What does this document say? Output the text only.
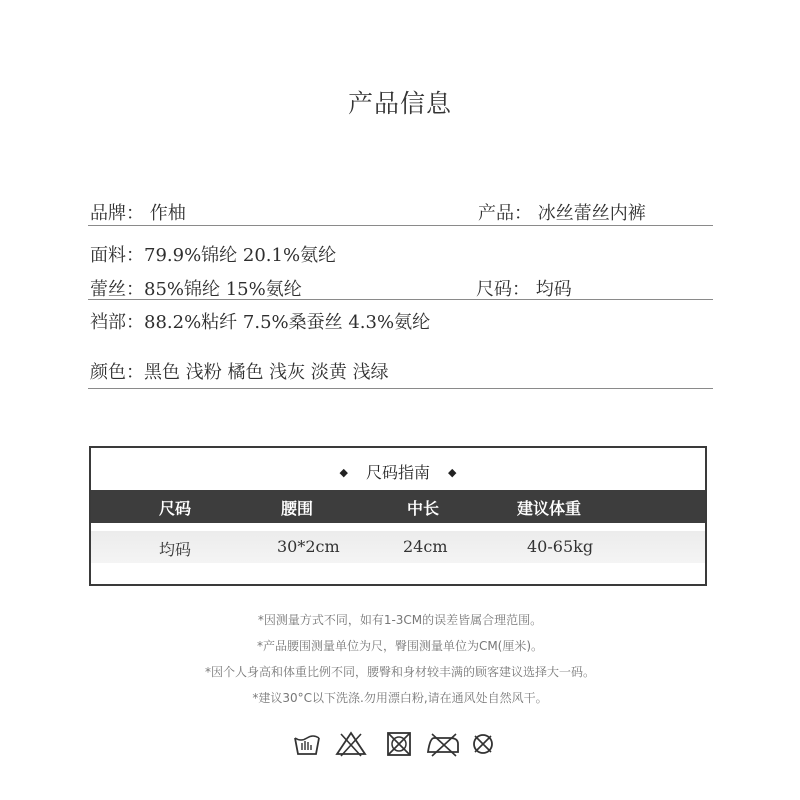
产品信息
品牌： 作柚	产品： 冰丝蕾丝内裤
面料：79.9%锦纶 20.1%氨纶
蕾丝：85%锦纶 15%氨纶	尺码： 均码
裆部：88.2%粘纤 7.5%桑蚕丝 4.3%氨纶
颜色：黑色 浅粉 橘色 浅灰 淡黄 浅绿
◆ 尺码指南 ◆
尺码	腰围	中长	建议体重
均码	30*2cm	24cm	40-65kg
*因测量方式不同，如有1-3CM的误差皆属合理范围。
*产品腰围测量单位为尺，臀围测量单位为CM(厘米)。
*因个人身高和体重比例不同，腰臀和身材较丰满的顾客建议选择大一码。
*建议30°C以下洗涤.勿用漂白粉,请在通风处自然风干。
